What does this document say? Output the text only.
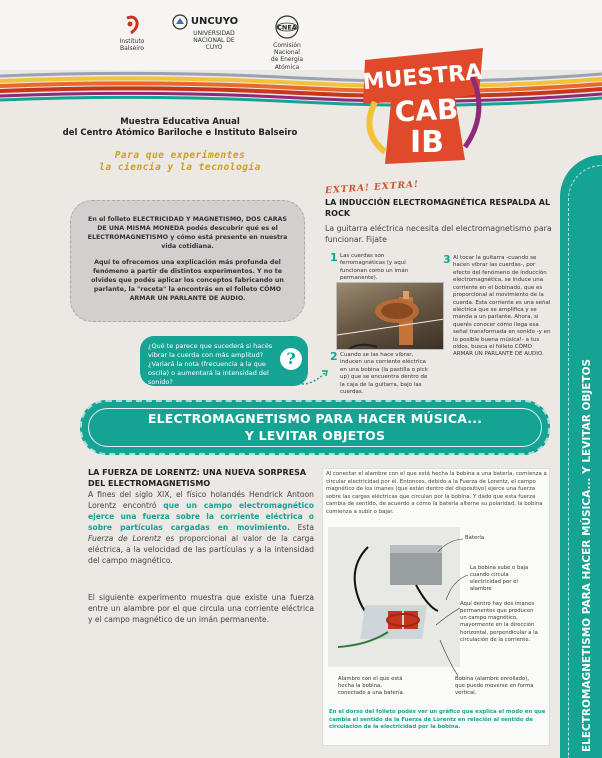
Instituto
Balseiro
UNCUYO
UNIVERSIDAD
NACIONAL DE CUYO
CNEA
Comisión Nacional
de Energía Atómica	MUESTRA
CAB
IB
Muestra Educativa Anual
del Centro Atómico Bariloche e Instituto Balseiro
Para que experimentes
la ciencia y la tecnología

En el folleto ELECTRICIDAD Y MAGNETISMO, DOS CARAS DE UNA MISMA MONEDA podés descubrir qué es el ELECTROMAGNETISMO y cómo está presente en nuestra vida cotidiana.

Aquí te ofrecemos una explicación más profunda del fenómeno a partir de distintos experimentos. Y no te olvides que podés aplicar los conceptos fabricando un parlante, la "receta" la encontrás en el folleto CÓMO ARMAR UN PARLANTE DE AUDIO.

¿Qué te parece que sucederá si hacés vibrar la cuerda con más amplitud? ¿Variará la nota (frecuencia a la que oscila) o aumentará la intensidad del sonido?
?
EXTRA! EXTRA!
LA INDUCCIÓN ELECTROMAGNÉTICA RESPALDA AL ROCK
La guitarra eléctrica necesita del electromagnetismo para funcionar. Fijate
1 Las cuerdas son ferromagnéticas (y aquí funcionan como un imán permanente).
2 Cuando se las hace vibrar, inducen una corriente eléctrica en una bobina (la pastilla o pick up) que se encuentra dentro de la caja de la guitarra, bajo las cuerdas.
3 Al tocar la guitarra -cuando se hacen vibrar las cuerdas-, por efecto del fenómeno de inducción electromagnética, se induce una corriente en el bobinado, que es proporcional al movimiento de la cuerda. Esta corriente es una señal eléctrica que se amplifica y se manda a un parlante. Ahora, si querés conocer cómo llega esa señal transformada en sonido -y en lo posible buena música!- a tus oídos, busca el folleto CÓMO ARMAR UN PARLANTE DE AUDIO.
ELECTROMAGNETISMO PARA HACER MÚSICA...
Y LEVITAR OBJETOS	ELECTROMAGNETISMO PARA HACER MÚSICA... Y LEVITAR OBJETOS
LA FUERZA DE LORENTZ: UNA NUEVA SORPRESA DEL ELECTROMAGNETISMO
A fines del siglo XIX, el físico holandés Hendrick Antoon Lorentz encontró que un campo electromagnético ejerce una fuerza sobre la corriente eléctrica o sobre partículas cargadas en movimiento. Esta Fuerza de Lorentz es proporcional al valor de la carga eléctrica, a la velocidad de las partículas y a la intensidad del campo magnético.
El siguiente experimento muestra que existe una fuerza entre un alambre por el que circula una corriente eléctrica y el campo magnético de un imán permanente.
Al conectar el alambre con el que está hecha la bobina a una batería, comienza a circular electricidad por él. Entonces, debido a la Fuerza de Lorentz, el campo magnético de los imanes (que están dentro del dispositivo) ejerce una fuerza sobre las cargas eléctricas que circulan por la bobina. Y dado que esta fuerza cambia de sentido, de acuerdo a cómo la batería alterne su polaridad, la bobina comienza a subir o bajar.
Batería
La bobina sube o baja cuando circula electricidad por el alambre
Aquí dentro hay dos imanes permanentes que producen un campo magnético, mayormente en la dirección horizontal, perpendicular a la circulación de la corriente.
Alambre con el que está hecha la bobina, conectado a una batería.
Bobina (alambre enrollado), que puede moverse en forma vertical.
En el dorso del folleto podés ver un gráfico que explica el modo en que cambia el sentido de la Fuerza de Lorentz en relación al sentido de circulación de la electricidad por la bobina.
